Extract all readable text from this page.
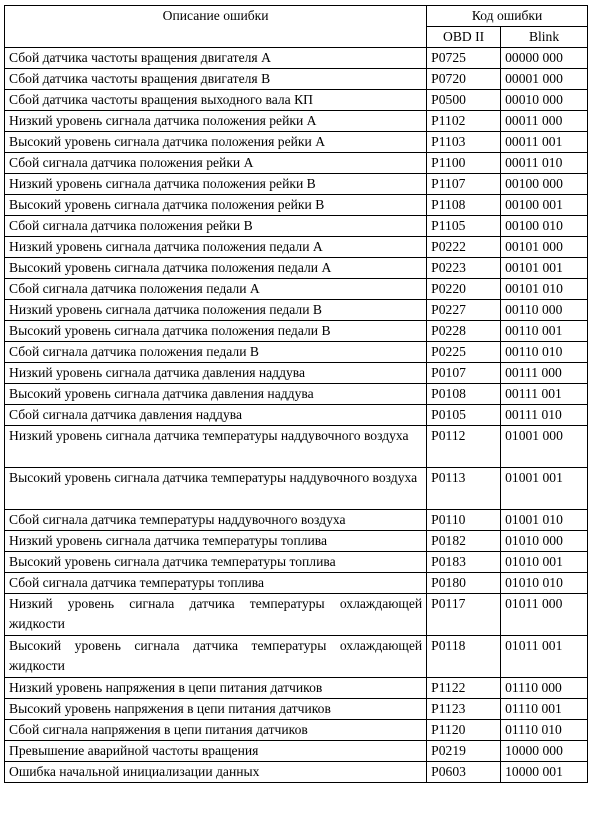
Описание ошибки	Код ошибки	
	OBD II	Blink
Сбой датчика частоты вращения двигателя А	P0725	00000 000
Сбой датчика частоты вращения двигателя В	P0720	00001 000
Сбой датчика частоты вращения выходного вала КП	P0500	00010 000
Низкий уровень сигнала датчика положения рейки А	P1102	00011 000
Высокий уровень сигнала датчика положения рейки А	P1103	00011 001
Сбой сигнала датчика положения рейки А	P1100	00011 010
Низкий уровень сигнала датчика положения рейки В	P1107	00100 000
Высокий уровень сигнала датчика положения рейки В	P1108	00100 001
Сбой сигнала датчика положения рейки В	P1105	00100 010
Низкий уровень сигнала датчика положения педали А	P0222	00101 000
Высокий уровень сигнала датчика положения педали А	P0223	00101 001
Сбой сигнала датчика положения педали А	P0220	00101 010
Низкий уровень сигнала датчика положения педали В	P0227	00110 000
Высокий уровень сигнала датчика положения педали В	P0228	00110 001
Сбой сигнала датчика положения педали В	P0225	00110 010
Низкий уровень сигнала датчика давления наддува	P0107	00111 000
Высокий уровень сигнала датчика давления наддува	P0108	00111 001
Сбой сигнала датчика давления наддува	P0105	00111 010
Низкий уровень сигнала датчика температуры наддувочного воздуха	P0112	01001 000
Высокий уровень сигнала датчика температуры наддувочного воздуха	P0113	01001 001
Сбой сигнала датчика температуры наддувочного воздуха	P0110	01001 010
Низкий уровень сигнала датчика температуры топлива	P0182	01010 000
Высокий уровень сигнала датчика температуры топлива	P0183	01010 001
Сбой сигнала датчика температуры топлива	P0180	01010 010
Низкий уровень сигнала датчика температуры охлаждающей жидкости	P0117	01011 000
Высокий уровень сигнала датчика температуры охлаждающей жидкости	P0118	01011 001
Низкий уровень напряжения в цепи питания датчиков	P1122	01110 000
Высокий уровень напряжения в цепи питания датчиков	P1123	01110 001
Сбой сигнала напряжения в цепи питания датчиков	P1120	01110 010
Превышение аварийной частоты вращения	P0219	10000 000
Ошибка начальной инициализации данных	P0603	10000 001
